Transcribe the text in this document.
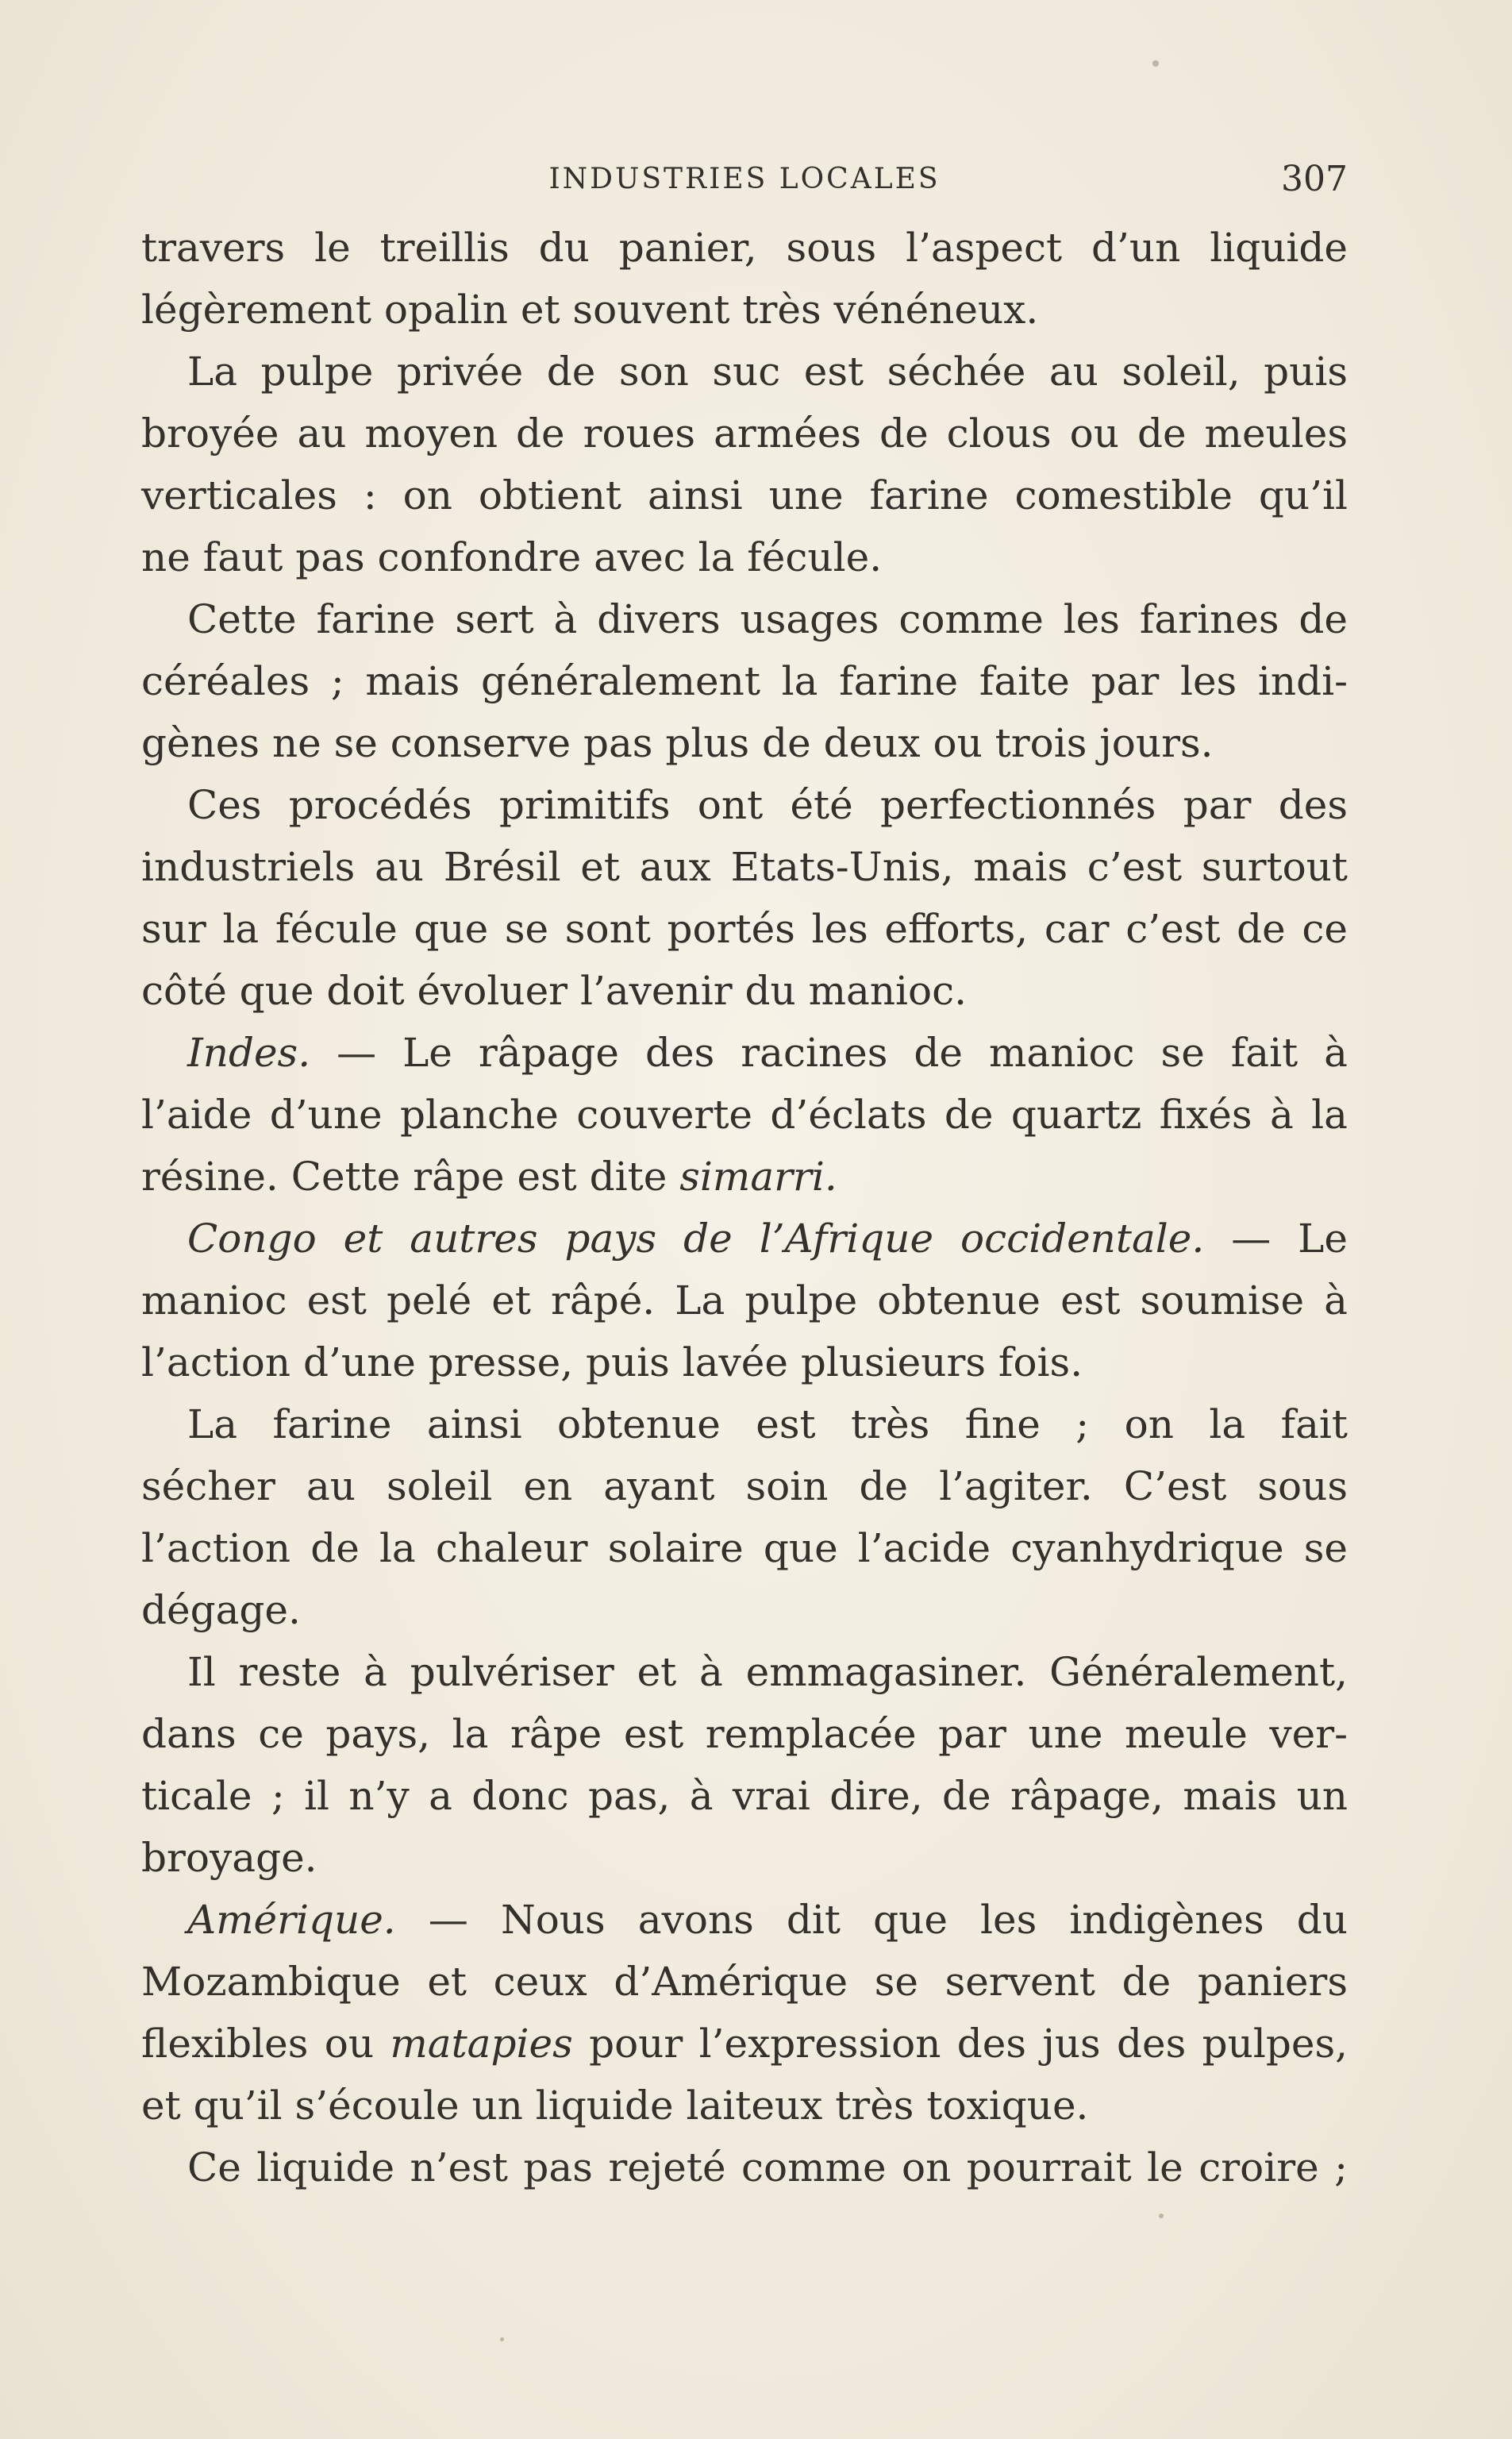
INDUSTRIES LOCALES	307
travers le treillis du panier, sous l’aspect d’un liquide
légèrement opalin et souvent très vénéneux.
La pulpe privée de son suc est séchée au soleil, puis
broyée au moyen de roues armées de clous ou de meules
verticales : on obtient ainsi une farine comestible qu’il
ne faut pas confondre avec la fécule.
Cette farine sert à divers usages comme les farines de
céréales ; mais généralement la farine faite par les indi-
gènes ne se conserve pas plus de deux ou trois jours.
Ces procédés primitifs ont été perfectionnés par des
industriels au Brésil et aux Etats-Unis, mais c’est surtout
sur la fécule que se sont portés les efforts, car c’est de ce
côté que doit évoluer l’avenir du manioc.
Indes. — Le râpage des racines de manioc se fait à
l’aide d’une planche couverte d’éclats de quartz fixés à la
résine. Cette râpe est dite simarri.
Congo et autres pays de l’Afrique occidentale. — Le
manioc est pelé et râpé. La pulpe obtenue est soumise à
l’action d’une presse, puis lavée plusieurs fois.
La farine ainsi obtenue est très fine ; on la fait
sécher au soleil en ayant soin de l’agiter. C’est sous
l’action de la chaleur solaire que l’acide cyanhydrique se
dégage.
Il reste à pulvériser et à emmagasiner. Généralement,
dans ce pays, la râpe est remplacée par une meule ver-
ticale ; il n’y a donc pas, à vrai dire, de râpage, mais un
broyage.
Amérique. — Nous avons dit que les indigènes du
Mozambique et ceux d’Amérique se servent de paniers
flexibles ou matapies pour l’expression des jus des pulpes,
et qu’il s’écoule un liquide laiteux très toxique.
Ce liquide n’est pas rejeté comme on pourrait le croire ;
